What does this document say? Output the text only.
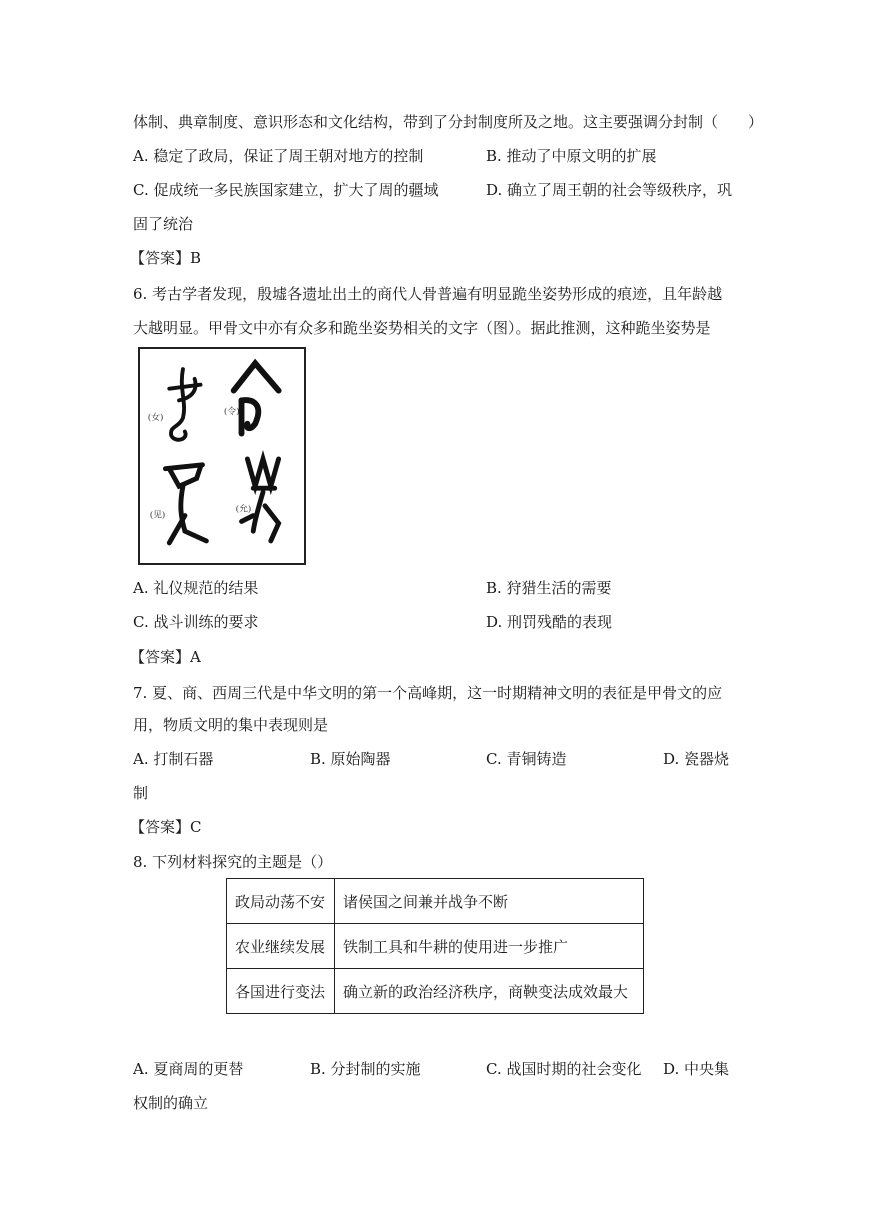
体制、典章制度、意识形态和文化结构，带到了分封制度所及之地。这主要强调分封制（　　）
A. 稳定了政局，保证了周王朝对地方的控制	B. 推动了中原文明的扩展
C. 促成统一多民族国家建立，扩大了周的疆域	D. 确立了周王朝的社会等级秩序，巩
固了统治
【答案】B
6. 考古学者发现，殷墟各遗址出土的商代人骨普遍有明显跪坐姿势形成的痕迹，且年龄越
大越明显。甲骨文中亦有众多和跪坐姿势相关的文字（图）。据此推测，这种跪坐姿势是
(女)
(令)
(见)
(允)
A. 礼仪规范的结果	B. 狩猎生活的需要
C. 战斗训练的要求	D. 刑罚残酷的表现
【答案】A
7. 夏、商、西周三代是中华文明的第一个高峰期，这一时期精神文明的表征是甲骨文的应
用，物质文明的集中表现则是
A. 打制石器	B. 原始陶器	C. 青铜铸造	D. 瓷器烧
制
【答案】C
8. 下列材料探究的主题是（）
政局动荡不安	诸侯国之间兼并战争不断
农业继续发展	铁制工具和牛耕的使用进一步推广
各国进行变法	确立新的政治经济秩序，商鞅变法成效最大
A. 夏商周的更替	B. 分封制的实施	C. 战国时期的社会变化 D. 中央集
权制的确立
